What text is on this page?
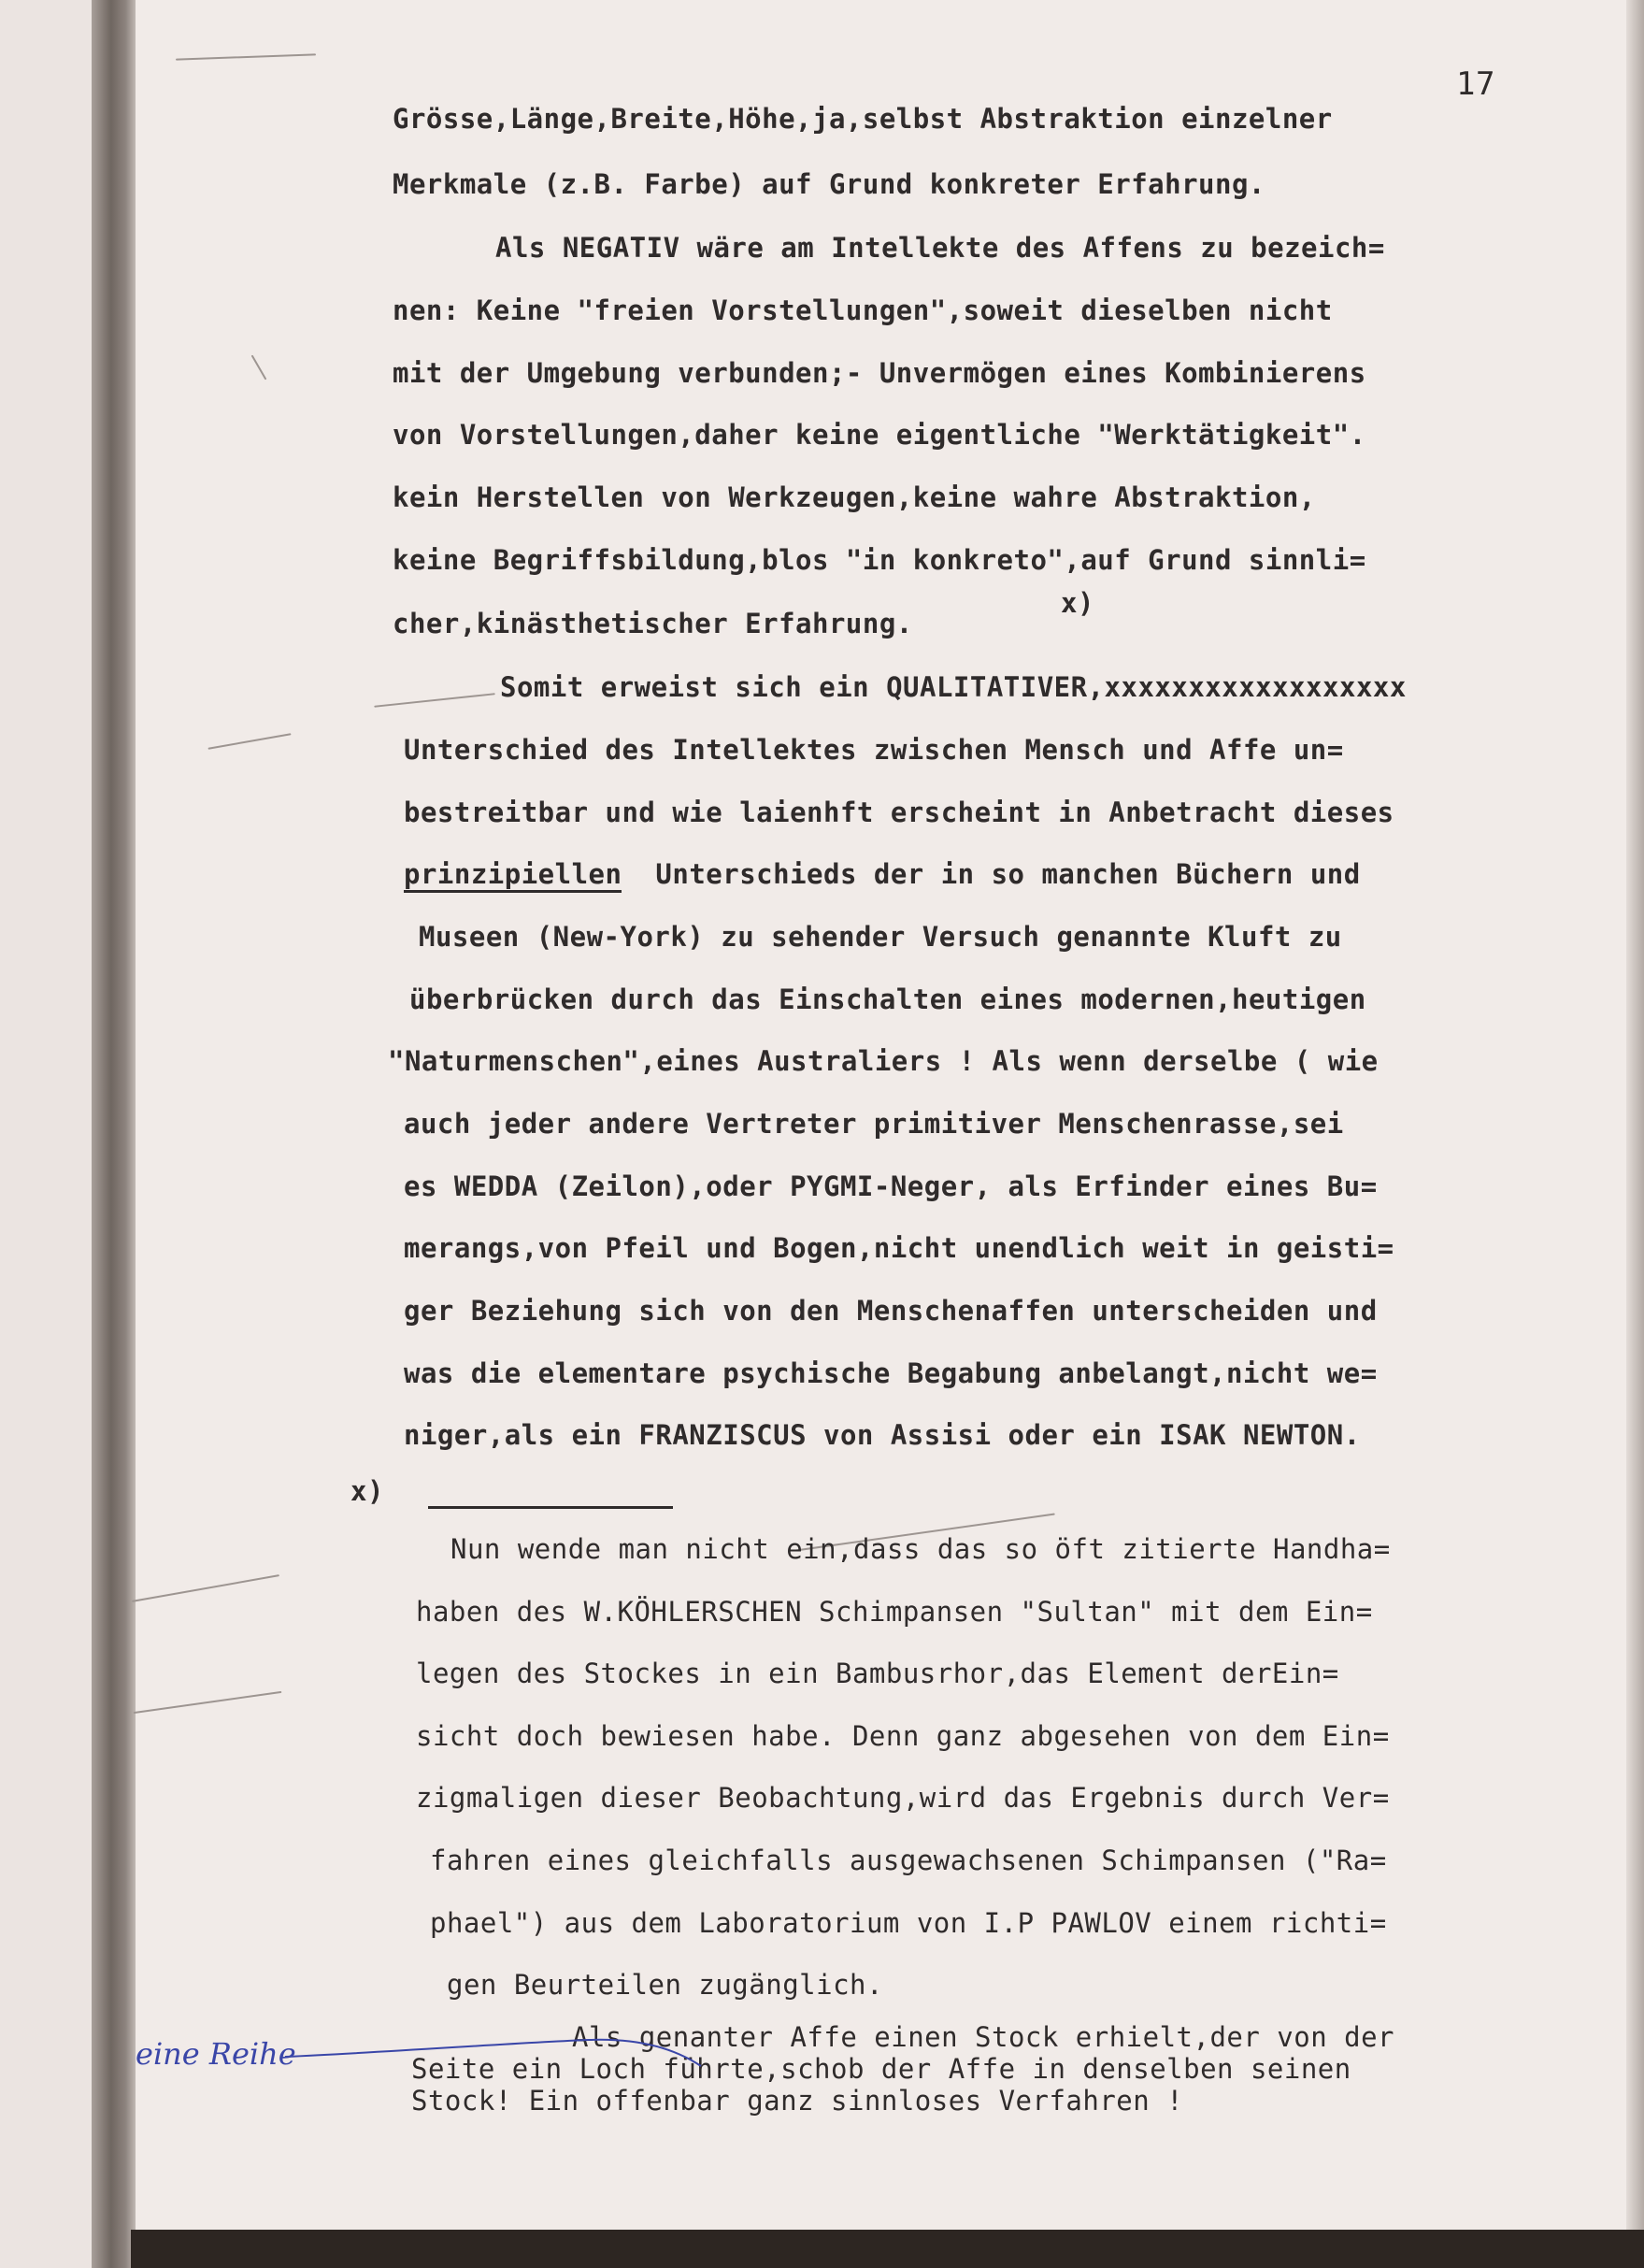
17
Grösse,Länge,Breite,Höhe,ja,selbst Abstraktion einzelner
Merkmale (z.B. Farbe) auf Grund konkreter Erfahrung.
Als NEGATIV wäre am Intellekte des Affens zu bezeich=
nen: Keine "freien Vorstellungen",soweit dieselben nicht
mit der Umgebung verbunden;- Unvermögen eines Kombinierens
von Vorstellungen,daher keine eigentliche "Werktätigkeit".
kein Herstellen von Werkzeugen,keine wahre Abstraktion,
keine Begriffsbildung,blos "in konkreto",auf Grund sinnli=
x)
cher,kinästhetischer Erfahrung.
Somit erweist sich ein QUALITATIVER,xxxxxxxxxxxxxxxxxx
Unterschied des Intellektes zwischen Mensch und Affe un=
bestreitbar und wie laienhft erscheint in Anbetracht dieses
prinzipiellen Unterschieds der in so manchen Büchern und
Museen (New-York) zu sehender Versuch genannte Kluft zu
überbrücken durch das Einschalten eines modernen,heutigen
"Naturmenschen",eines Australiers ! Als wenn derselbe ( wie
auch jeder andere Vertreter primitiver Menschenrasse,sei
es WEDDA (Zeilon),oder PYGMI-Neger, als Erfinder eines Bu=
merangs,von Pfeil und Bogen,nicht unendlich weit in geisti=
ger Beziehung sich von den Menschenaffen unterscheiden und
was die elementare psychische Begabung anbelangt,nicht we=
niger,als ein FRANZISCUS von Assisi oder ein ISAK NEWTON.
x)
Nun wende man nicht ein,dass das so öft zitierte Handha=
haben des W.KÖHLERSCHEN Schimpansen "Sultan" mit dem Ein=
legen des Stockes in ein Bambusrhor,das Element derEin=
sicht doch bewiesen habe. Denn ganz abgesehen von dem Ein=
zigmaligen dieser Beobachtung,wird das Ergebnis durch Ver=
fahren eines gleichfalls ausgewachsenen Schimpansen ("Ra=
phael") aus dem Laboratorium von I.P PAWLOV einem richti=
gen Beurteilen zugänglich.
Als genanter Affe einen Stock erhielt,der von der
Seite ein Loch führte,schob der Affe in denselben seinen
Stock! Ein offenbar ganz sinnloses Verfahren !
eine Reihe
